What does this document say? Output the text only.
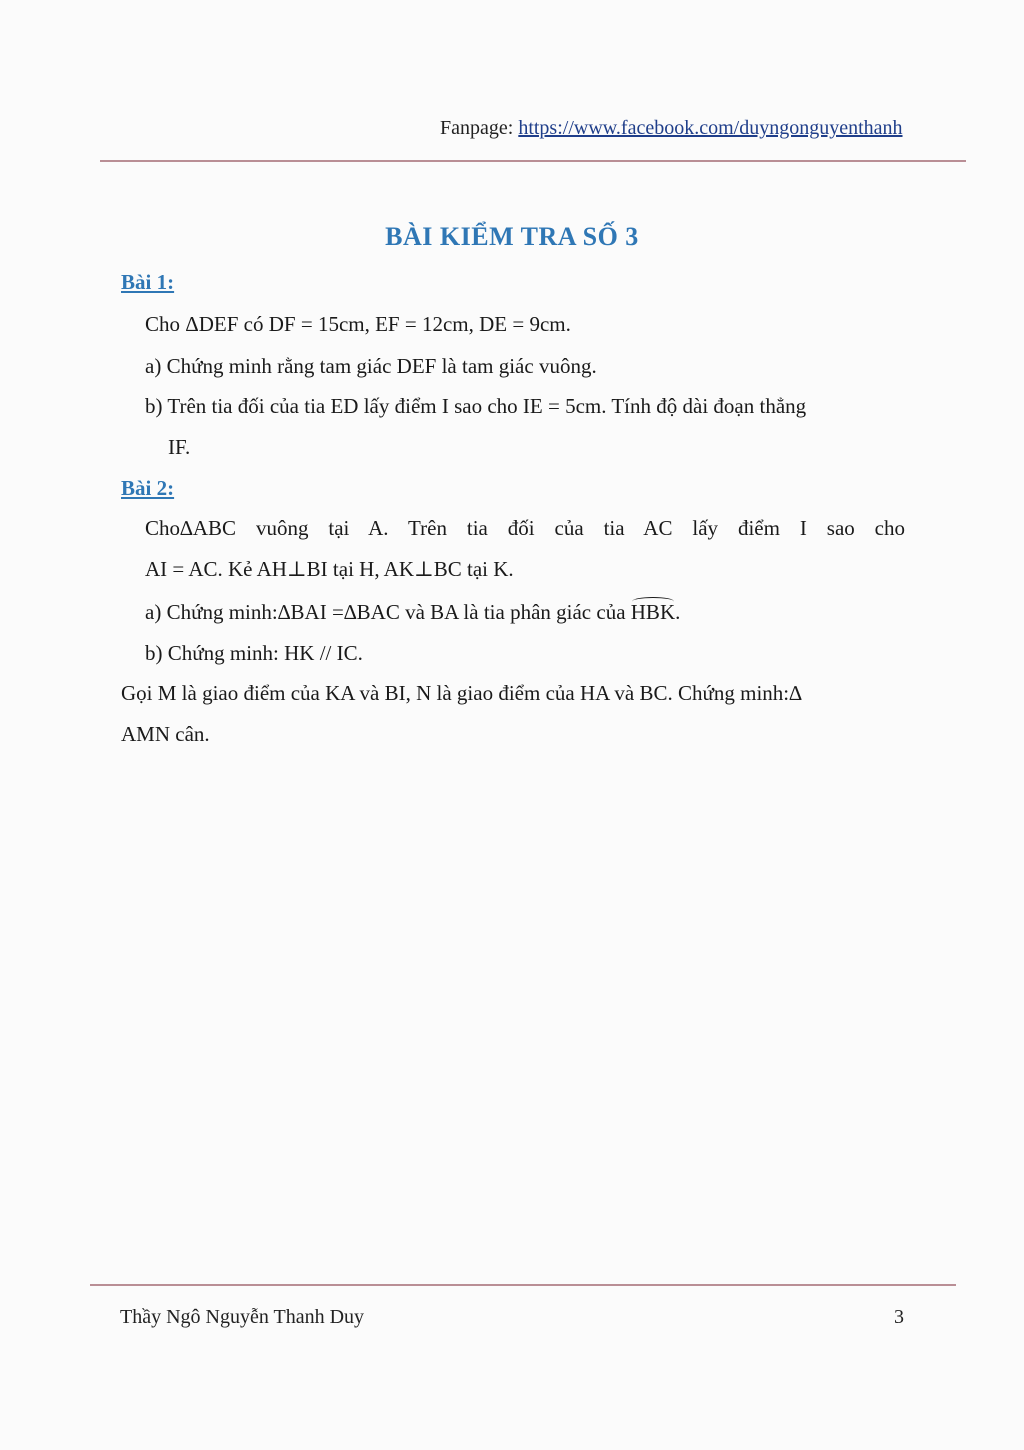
Fanpage: https://www.facebook.com/duyngonguyenthanh
BÀI KIỂM TRA SỐ 3
Bài 1:
Cho ΔDEF có DF = 15cm, EF = 12cm, DE = 9cm.
a) Chứng minh rằng tam giác DEF là tam giác vuông.
b) Trên tia đối của tia ED lấy điểm I sao cho IE = 5cm. Tính độ dài đoạn thẳng
IF.
Bài 2:
Cho∆ABC vuông tại A. Trên tia đối của tia AC lấy điểm I sao cho
AI = AC. Kẻ AH⊥BI tại H, AK⊥BC tại K.
a) Chứng minh:∆BAI =∆BAC và BA là tia phân giác của HBK.
b) Chứng minh: HK // IC.
Gọi M là giao điểm của KA và BI, N là giao điểm của HA và BC. Chứng minh:∆
AMN cân.
Thầy Ngô Nguyễn Thanh Duy	3
